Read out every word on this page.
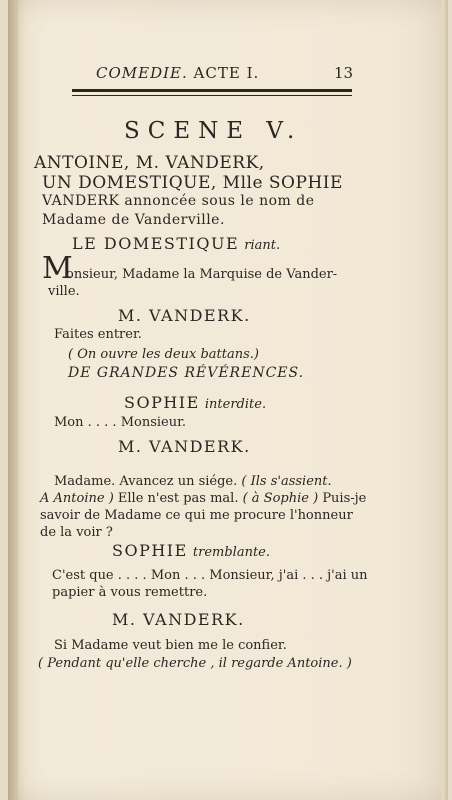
COMEDIE. ACTE I.	13
SCENE V.
ANTOINE, M. VANDERK,
UN DOMESTIQUE, Mlle SOPHIE
VANDERK annoncée sous le nom de
Madame de Vanderville.
LE DOMESTIQUE riant.
M
onsieur, Madame la Marquise de Vander-
ville.
M. VANDERK.
Faites entrer.
( On ouvre les deux battans.)
DE GRANDES RÉVÉRENCES.
SOPHIE interdite.
Mon . . . . Monsieur.
M. VANDERK.
Madame. Avancez un siége. ( Ils s'assient.
A Antoine ) Elle n'est pas mal. ( à Sophie ) Puis-je
savoir de Madame ce qui me procure l'honneur
de la voir ?
SOPHIE tremblante.
C'est que . . . . Mon . . . Monsieur, j'ai . . . j'ai un
papier à vous remettre.
M. VANDERK.
Si Madame veut bien me le confier.
( Pendant qu'elle cherche , il regarde Antoine. )
